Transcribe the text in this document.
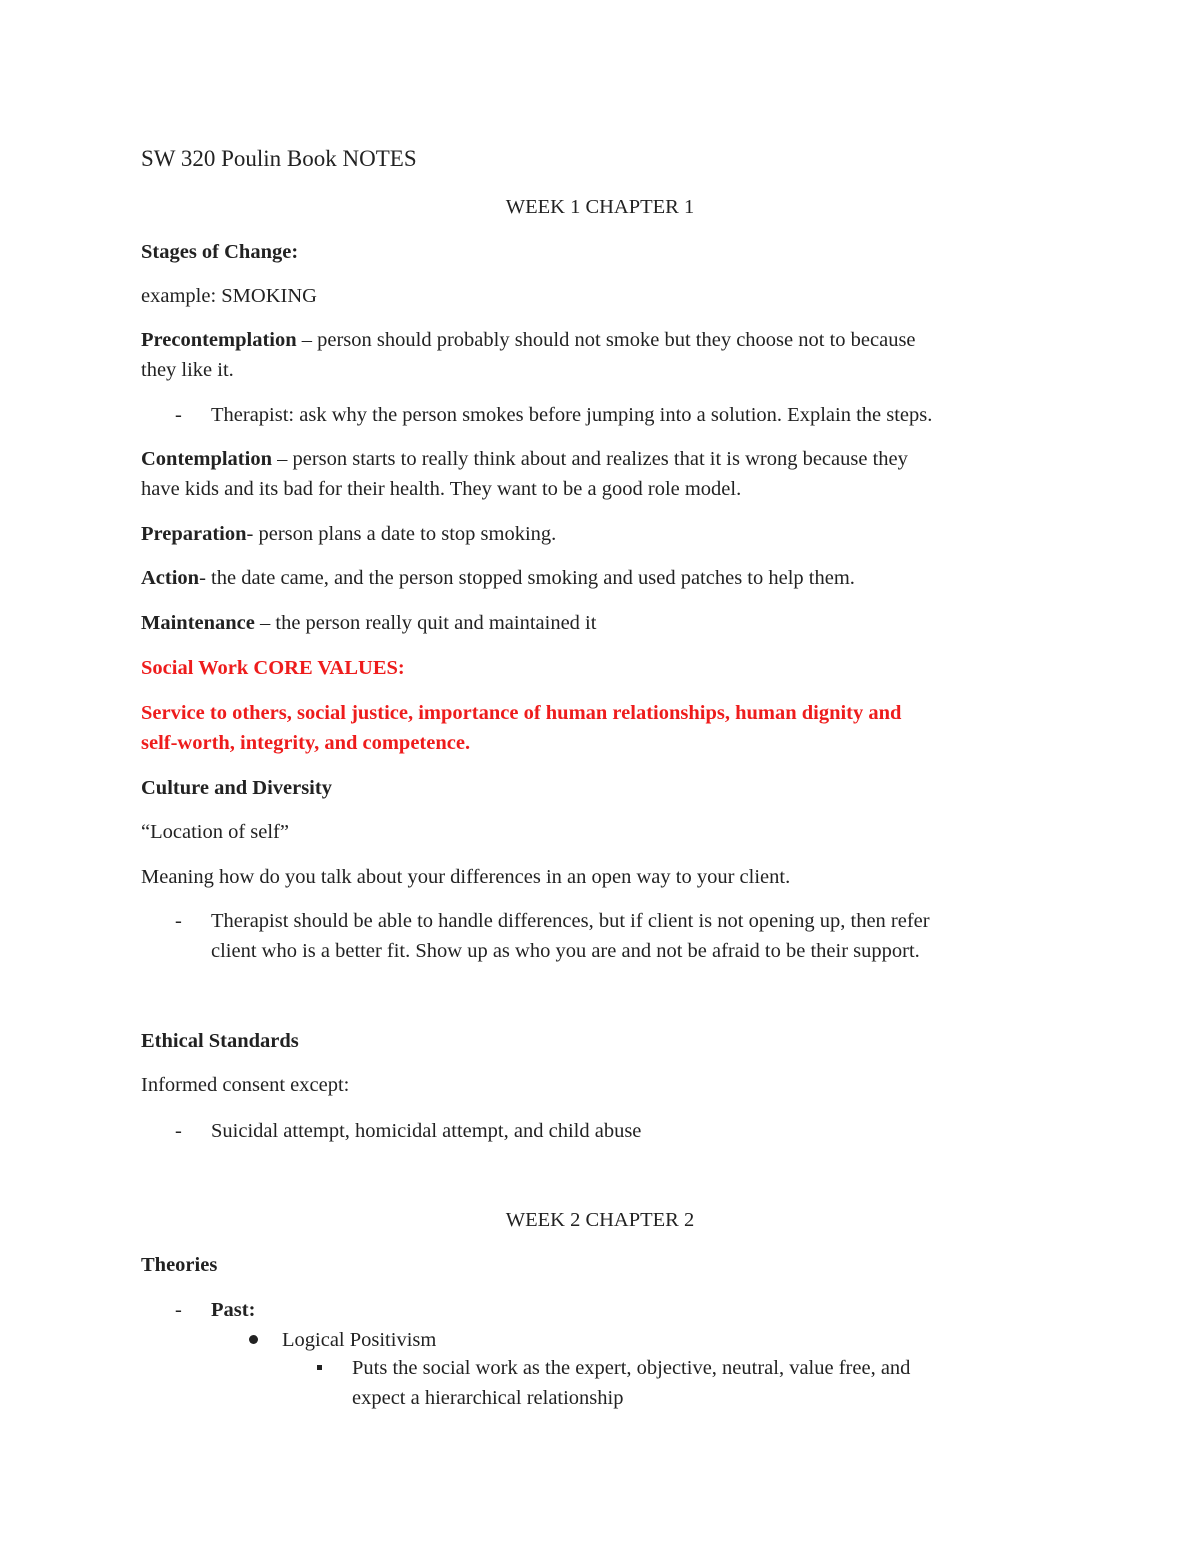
SW 320 Poulin Book NOTES
WEEK 1 CHAPTER 1
Stages of Change:
example: SMOKING
Precontemplation – person should probably should not smoke but they choose not to because
they like it.
- Therapist: ask why the person smokes before jumping into a solution. Explain the steps.
Contemplation – person starts to really think about and realizes that it is wrong because they
have kids and its bad for their health. They want to be a good role model.
Preparation- person plans a date to stop smoking.
Action- the date came, and the person stopped smoking and used patches to help them.
Maintenance – the person really quit and maintained it
Social Work CORE VALUES:
Service to others, social justice, importance of human relationships, human dignity and
self-worth, integrity, and competence.
Culture and Diversity
“Location of self”
Meaning how do you talk about your differences in an open way to your client.
- Therapist should be able to handle differences, but if client is not opening up, then refer
client who is a better fit. Show up as who you are and not be afraid to be their support.
Ethical Standards
Informed consent except:
- Suicidal attempt, homicidal attempt, and child abuse
WEEK 2 CHAPTER 2
Theories
- Past:
Logical Positivism
Puts the social work as the expert, objective, neutral, value free, and
expect a hierarchical relationship
